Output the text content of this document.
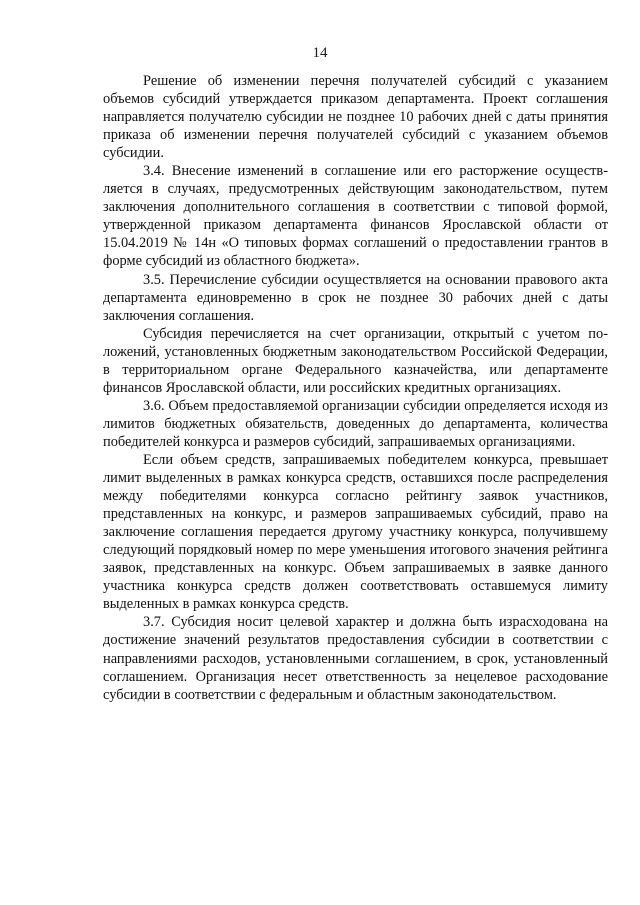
14

Решение об изменении перечня получателей субсидий с указанием объемов субсидий утверждается приказом департамента. Проект соглашения направляется получателю субсидии не позднее 10 рабочих дней с даты принятия приказа об изменении перечня получателей субсидий с указанием объемов субсидии.

3.4. Внесение изменений в соглашение или его расторжение осуществляется в случаях, предусмотренных действующим законодательством, путем заключения дополнительного соглашения в соответствии с типовой формой, утвержденной приказом департамента финансов Ярославской области от 15.04.2019 № 14н «О типовых формах соглашений о предоставлении грантов в форме субсидий из областного бюджета».

3.5. Перечисление субсидии осуществляется на основании правового акта департамента единовременно в срок не позднее 30 рабочих дней с даты заключения соглашения.

Субсидия перечисляется на счет организации, открытый с учетом положений, установленных бюджетным законодательством Российской Федерации, в территориальном органе Федерального казначейства, или департаменте финансов Ярославской области, или российских кредитных организациях.

3.6. Объем предоставляемой организации субсидии определяется исходя из лимитов бюджетных обязательств, доведенных до департамента, количества победителей конкурса и размеров субсидий, запрашиваемых организациями.

Если объем средств, запрашиваемых победителем конкурса, превышает лимит выделенных в рамках конкурса средств, оставшихся после распределения между победителями конкурса согласно рейтингу заявок участников, представленных на конкурс, и размеров запрашиваемых субсидий, право на заключение соглашения передается другому участнику конкурса, получившему следующий порядковый номер по мере уменьшения итогового значения рейтинга заявок, представленных на конкурс. Объем запрашиваемых в заявке данного участника конкурса средств должен соответствовать оставшемуся лимиту выделенных в рамках конкурса средств.

3.7. Субсидия носит целевой характер и должна быть израсходована на достижение значений результатов предоставления субсидии в соответствии с направлениями расходов, установленными соглашением, в срок, установленный соглашением. Организация несет ответственность за нецелевое расходование субсидии в соответствии с федеральным и областным законодательством.
